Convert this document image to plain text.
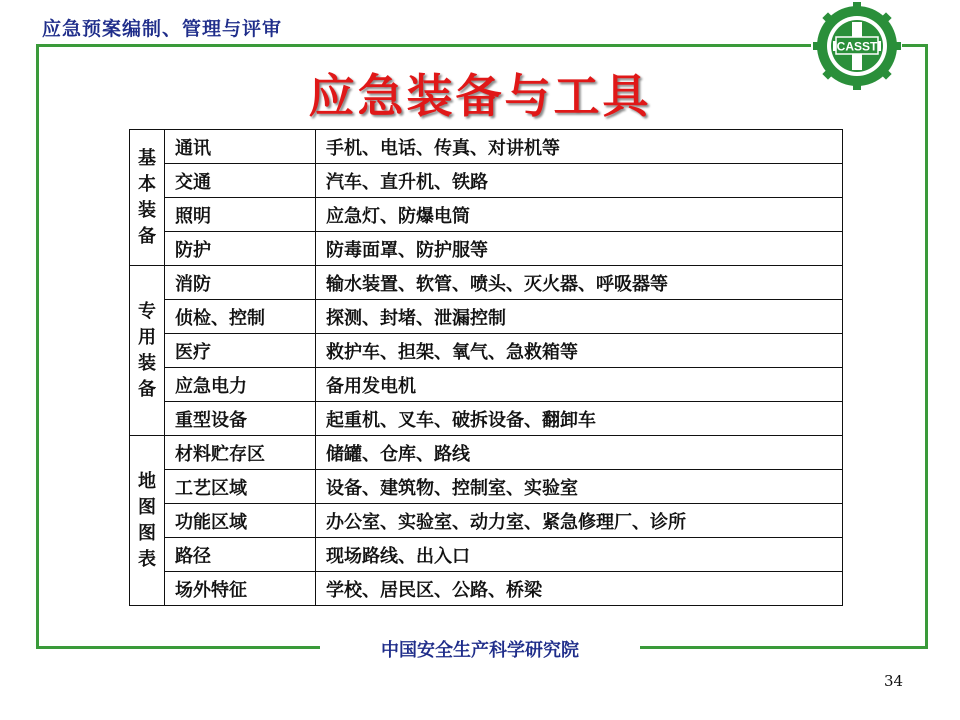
应急预案编制、管理与评审
CASST
应急装备与工具
基本装备	通讯	手机、电话、传真、对讲机等
	交通	汽车、直升机、铁路
	照明	应急灯、防爆电筒
	防护	防毒面罩、防护服等
专用装备	消防	输水装置、软管、喷头、灭火器、呼吸器等
	侦检、控制	探测、封堵、泄漏控制
	医疗	救护车、担架、氧气、急救箱等
	应急电力	备用发电机
	重型设备	起重机、叉车、破拆设备、翻卸车
地图图表	材料贮存区	储罐、仓库、路线
	工艺区域	设备、建筑物、控制室、实验室
	功能区域	办公室、实验室、动力室、紧急修理厂、诊所
	路径	现场路线、出入口
	场外特征	学校、居民区、公路、桥梁
中国安全生产科学研究院
34
